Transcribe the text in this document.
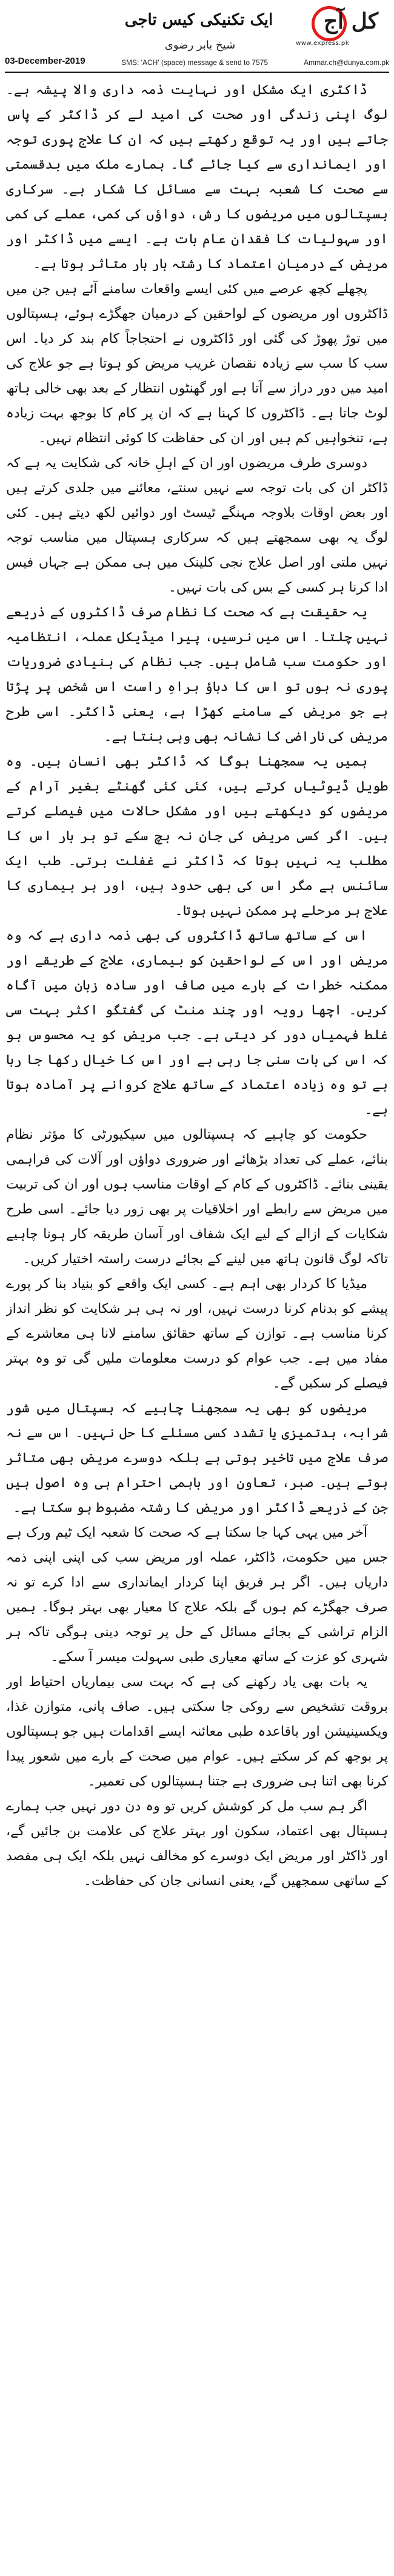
کل آج
www.express.pk
ایک تکنیکی کیس تاجی
شیخ بابر رضوی
03-December-2019	SMS: 'ACH' (space) message & send to 7575	Ammar.ch@dunya.com.pk

ڈاکٹری ایک مشکل اور نہایت ذمہ داری والا پیشہ ہے۔ لوگ اپنی زندگی اور صحت کی امید لے کر ڈاکٹر کے پاس جاتے ہیں اور یہ توقع رکھتے ہیں کہ ان کا علاج پوری توجہ اور ایمانداری سے کیا جائے گا۔ ہمارے ملک میں بدقسمتی سے صحت کا شعبہ بہت سے مسائل کا شکار ہے۔ سرکاری ہسپتالوں میں مریضوں کا رش، دواؤں کی کمی، عملے کی کمی اور سہولیات کا فقدان عام بات ہے۔ ایسے میں ڈاکٹر اور مریض کے درمیان اعتماد کا رشتہ بار بار متاثر ہوتا ہے۔

پچھلے کچھ عرصے میں کئی ایسے واقعات سامنے آئے ہیں جن میں ڈاکٹروں اور مریضوں کے لواحقین کے درمیان جھگڑے ہوئے، ہسپتالوں میں توڑ پھوڑ کی گئی اور ڈاکٹروں نے احتجاجاً کام بند کر دیا۔ اس سب کا سب سے زیادہ نقصان غریب مریض کو ہوتا ہے جو علاج کی امید میں دور دراز سے آتا ہے اور گھنٹوں انتظار کے بعد بھی خالی ہاتھ لوٹ جاتا ہے۔ ڈاکٹروں کا کہنا ہے کہ ان پر کام کا بوجھ بہت زیادہ ہے، تنخواہیں کم ہیں اور ان کی حفاظت کا کوئی انتظام نہیں۔

دوسری طرف مریضوں اور ان کے اہلِ خانہ کی شکایت یہ ہے کہ ڈاکٹر ان کی بات توجہ سے نہیں سنتے، معائنے میں جلدی کرتے ہیں اور بعض اوقات بلاوجہ مہنگے ٹیسٹ اور دوائیں لکھ دیتے ہیں۔ کئی لوگ یہ بھی سمجھتے ہیں کہ سرکاری ہسپتال میں مناسب توجہ نہیں ملتی اور اصل علاج نجی کلینک میں ہی ممکن ہے جہاں فیس ادا کرنا ہر کسی کے بس کی بات نہیں۔

یہ حقیقت ہے کہ صحت کا نظام صرف ڈاکٹروں کے ذریعے نہیں چلتا۔ اس میں نرسیں، پیرا میڈیکل عملہ، انتظامیہ اور حکومت سب شامل ہیں۔ جب نظام کی بنیادی ضروریات پوری نہ ہوں تو اس کا دباؤ براہِ راست اس شخص پر پڑتا ہے جو مریض کے سامنے کھڑا ہے، یعنی ڈاکٹر۔ اسی طرح مریض کی ناراضی کا نشانہ بھی وہی بنتا ہے۔

ہمیں یہ سمجھنا ہوگا کہ ڈاکٹر بھی انسان ہیں۔ وہ طویل ڈیوٹیاں کرتے ہیں، کئی کئی گھنٹے بغیر آرام کے مریضوں کو دیکھتے ہیں اور مشکل حالات میں فیصلے کرتے ہیں۔ اگر کسی مریض کی جان نہ بچ سکے تو ہر بار اس کا مطلب یہ نہیں ہوتا کہ ڈاکٹر نے غفلت برتی۔ طب ایک سائنس ہے مگر اس کی بھی حدود ہیں، اور ہر بیماری کا علاج ہر مرحلے پر ممکن نہیں ہوتا۔

اس کے ساتھ ساتھ ڈاکٹروں کی بھی ذمہ داری ہے کہ وہ مریض اور اس کے لواحقین کو بیماری، علاج کے طریقے اور ممکنہ خطرات کے بارے میں صاف اور سادہ زبان میں آگاہ کریں۔ اچھا رویہ اور چند منٹ کی گفتگو اکثر بہت سی غلط فہمیاں دور کر دیتی ہے۔ جب مریض کو یہ محسوس ہو کہ اس کی بات سنی جا رہی ہے اور اس کا خیال رکھا جا رہا ہے تو وہ زیادہ اعتماد کے ساتھ علاج کروانے پر آمادہ ہوتا ہے۔

حکومت کو چاہیے کہ ہسپتالوں میں سیکیورٹی کا مؤثر نظام بنائے، عملے کی تعداد بڑھائے اور ضروری دواؤں اور آلات کی فراہمی یقینی بنائے۔ ڈاکٹروں کے کام کے اوقات مناسب ہوں اور ان کی تربیت میں مریض سے رابطے اور اخلاقیات پر بھی زور دیا جائے۔ اسی طرح شکایات کے ازالے کے لیے ایک شفاف اور آسان طریقہ کار ہونا چاہیے تاکہ لوگ قانون ہاتھ میں لینے کے بجائے درست راستہ اختیار کریں۔

میڈیا کا کردار بھی اہم ہے۔ کسی ایک واقعے کو بنیاد بنا کر پورے پیشے کو بدنام کرنا درست نہیں، اور نہ ہی ہر شکایت کو نظر انداز کرنا مناسب ہے۔ توازن کے ساتھ حقائق سامنے لانا ہی معاشرے کے مفاد میں ہے۔ جب عوام کو درست معلومات ملیں گی تو وہ بہتر فیصلے کر سکیں گے۔

مریضوں کو بھی یہ سمجھنا چاہیے کہ ہسپتال میں شور شرابہ، بدتمیزی یا تشدد کسی مسئلے کا حل نہیں۔ اس سے نہ صرف علاج میں تاخیر ہوتی ہے بلکہ دوسرے مریض بھی متاثر ہوتے ہیں۔ صبر، تعاون اور باہمی احترام ہی وہ اصول ہیں جن کے ذریعے ڈاکٹر اور مریض کا رشتہ مضبوط ہو سکتا ہے۔

آخر میں یہی کہا جا سکتا ہے کہ صحت کا شعبہ ایک ٹیم ورک ہے جس میں حکومت، ڈاکٹر، عملہ اور مریض سب کی اپنی اپنی ذمہ داریاں ہیں۔ اگر ہر فریق اپنا کردار ایمانداری سے ادا کرے تو نہ صرف جھگڑے کم ہوں گے بلکہ علاج کا معیار بھی بہتر ہوگا۔ ہمیں الزام تراشی کے بجائے مسائل کے حل پر توجہ دینی ہوگی تاکہ ہر شہری کو عزت کے ساتھ معیاری طبی سہولت میسر آ سکے۔

یہ بات بھی یاد رکھنے کی ہے کہ بہت سی بیماریاں احتیاط اور بروقت تشخیص سے روکی جا سکتی ہیں۔ صاف پانی، متوازن غذا، ویکسینیشن اور باقاعدہ طبی معائنہ ایسے اقدامات ہیں جو ہسپتالوں پر بوجھ کم کر سکتے ہیں۔ عوام میں صحت کے بارے میں شعور پیدا کرنا بھی اتنا ہی ضروری ہے جتنا ہسپتالوں کی تعمیر۔

اگر ہم سب مل کر کوشش کریں تو وہ دن دور نہیں جب ہمارے ہسپتال بھی اعتماد، سکون اور بہتر علاج کی علامت بن جائیں گے، اور ڈاکٹر اور مریض ایک دوسرے کو مخالف نہیں بلکہ ایک ہی مقصد کے ساتھی سمجھیں گے، یعنی انسانی جان کی حفاظت۔
